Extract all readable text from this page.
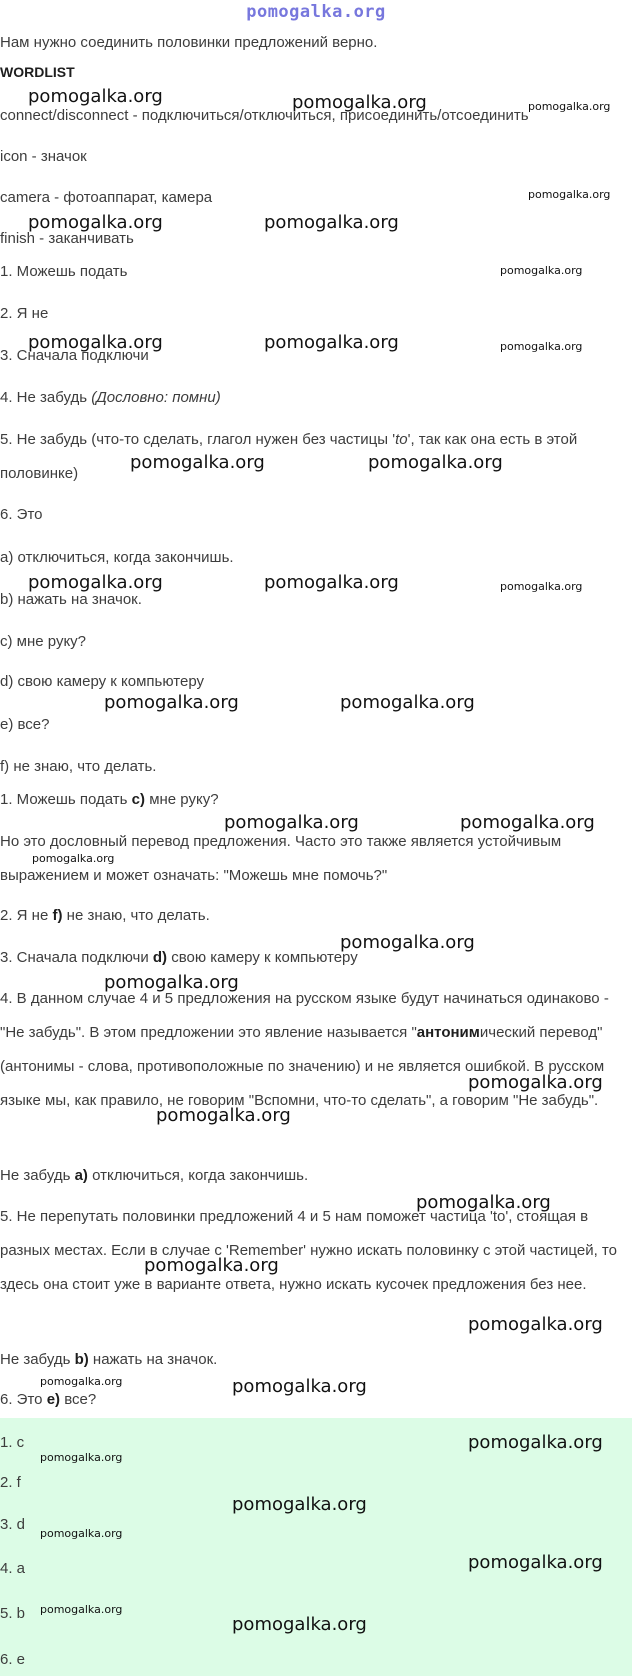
pomogalka.org
Нам нужно соединить половинки предложений верно.
WORDLIST
connect/disconnect - подключиться/отключиться, присоединить/отсоединить
icon - значок
camera - фотоаппарат, камера
finish - заканчивать
1. Можешь подать
2. Я не
3. Сначала подключи
4. Не забудь (Дословно: помни)
5. Не забудь (что-то сделать, глагол нужен без частицы 'to', так как она есть в этой половинке)
6. Это
a) отключиться, когда закончишь.
b) нажать на значок.
c) мне руку?
d) свою камеру к компьютеру
e) все?
f) не знаю, что делать.
1. Можешь подать c) мне руку?
Но это дословный перевод предложения. Часто это также является устойчивым выражением и может означать: "Можешь мне помочь?"
2. Я не f) не знаю, что делать.
3. Сначала подключи d) свою камеру к компьютеру
4. В данном случае 4 и 5 предложения на русском языке будут начинаться одинаково - "Не забудь". В этом предложении это явление называется "антонимический перевод" (антонимы - слова, противоположные по значению) и не является ошибкой. В русском языке мы, как правило, не говорим "Вспомни, что-то сделать", а говорим "Не забудь".
Не забудь a) отключиться, когда закончишь.
5. Не перепутать половинки предложений 4 и 5 нам поможет частица 'to', стоящая в разных местах. Если в случае с 'Remember' нужно искать половинку с этой частицей, то здесь она стоит уже в варианте ответа, нужно искать кусочек предложения без нее.
Не забудь b) нажать на значок.
6. Это e) все?
1. c
2. f
3. d
4. a
5. b
6. e
pomogalka.org	pomogalka.org	pomogalka.org
pomogalka.org
pomogalka.org	pomogalka.org
pomogalka.org
pomogalka.org	pomogalka.org	pomogalka.org
pomogalka.org	pomogalka.org
pomogalka.org	pomogalka.org	pomogalka.org
pomogalka.org	pomogalka.org
pomogalka.org	pomogalka.org
pomogalka.org
pomogalka.org
pomogalka.org
pomogalka.org
pomogalka.org
pomogalka.org
pomogalka.org
pomogalka.org
pomogalka.org	pomogalka.org
pomogalka.org
pomogalka.org
pomogalka.org
pomogalka.org
pomogalka.org
pomogalka.org
pomogalka.org
